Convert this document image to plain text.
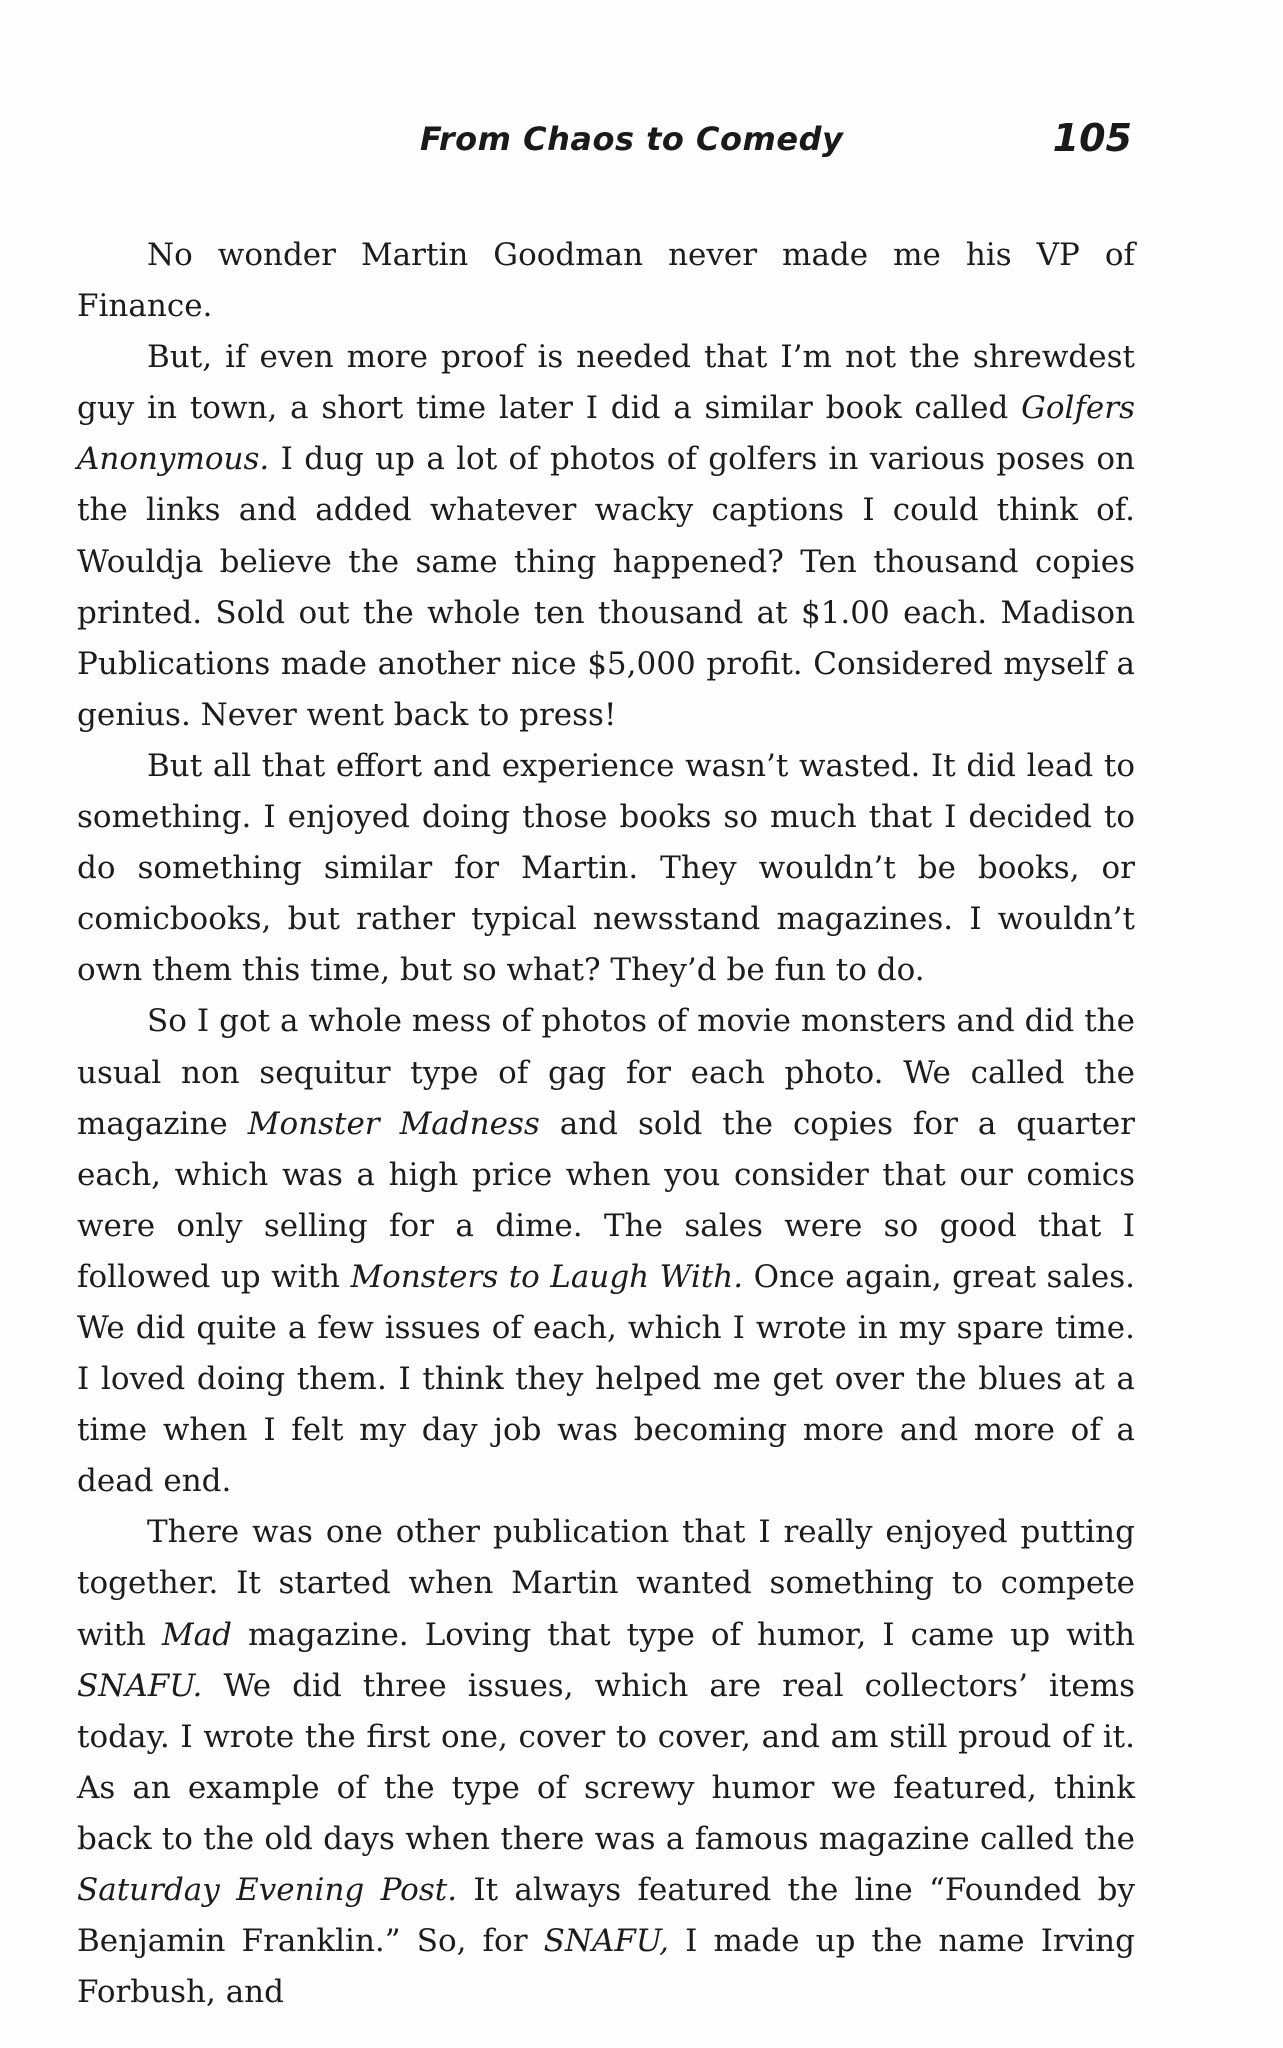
From Chaos to Comedy	105

No wonder Martin Goodman never made me his VP of Finance.

But, if even more proof is needed that I’m not the shrewdest guy in town, a short time later I did a similar book called Golfers Anonymous. I dug up a lot of photos of golfers in various poses on the links and added whatever wacky captions I could think of. Wouldja believe the same thing happened? Ten thousand copies printed. Sold out the whole ten thousand at $1.00 each. Madison Publications made another nice $5,000 profit. Considered myself a genius. Never went back to press!

But all that effort and experience wasn’t wasted. It did lead to something. I enjoyed doing those books so much that I decided to do something similar for Martin. They wouldn’t be books, or comicbooks, but rather typical newsstand magazines. I wouldn’t own them this time, but so what? They’d be fun to do.

So I got a whole mess of photos of movie monsters and did the usual non sequitur type of gag for each photo. We called the magazine Monster Madness and sold the copies for a quarter each, which was a high price when you consider that our comics were only selling for a dime. The sales were so good that I followed up with Monsters to Laugh With. Once again, great sales. We did quite a few issues of each, which I wrote in my spare time. I loved doing them. I think they helped me get over the blues at a time when I felt my day job was becoming more and more of a dead end.

There was one other publication that I really enjoyed putting together. It started when Martin wanted something to compete with Mad magazine. Loving that type of humor, I came up with SNAFU. We did three issues, which are real collectors’ items today. I wrote the first one, cover to cover, and am still proud of it. As an example of the type of screwy humor we featured, think back to the old days when there was a famous magazine called the Saturday Evening Post. It always featured the line “Founded by Benjamin Franklin.” So, for SNAFU, I made up the name Irving Forbush, and
